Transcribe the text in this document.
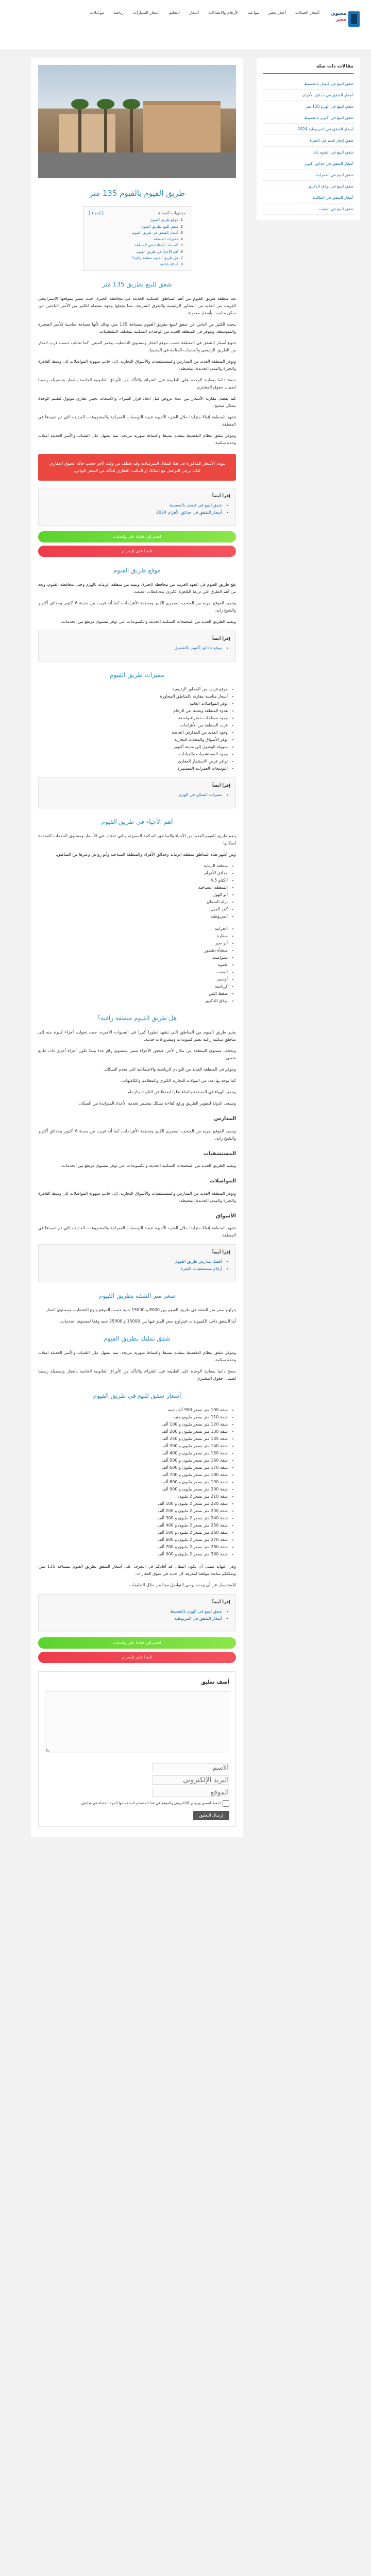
محتوى
مصر
أسعار العملات
أخبار مصر
مواعيد
الأرقام والاتصالات
أسعار
التعليم
أسعار السيارات
رياضة
موبايلات
مقالات ذات صلة
شقق للبيع في فيصل بالتقسيط
أسعار الشقق في حدائق الأهرام
شقق للبيع في الهرم 120 متر
شقق للبيع في أكتوبر بالتقسيط
أسعار الشقق في المريوطية 2024
شقق إيجار قديم في الجيزة
شقق للبيع في الشيخ زايد
أسعار الشقق في حدائق أكتوبر
شقق للبيع في العمرانية
شقق للبيع في بولاق الدكرور
أسعار الشقق في الطالبية
شقق للبيع في المنيب
طريق الفيوم بالفيوم 135 متر
محتويات المقالة
[ إخفاء ]
1. موقع طريق الفيوم
2. شقق للبيع بطريق الفيوم
3. أسعار الشقق في طريق الفيوم
4. مميزات المنطقة
5. الخدمات المتاحة في المنطقة
6. أهم الأحياء في طريق الفيوم
7. هل طريق الفيوم منطقة راقية؟
8. أسئلة شائعة
شقق للبيع بطريق 135 متر

تعد منطقة طريق الفيوم من أهم المناطق السكنية الحديثة في محافظة الجيزة، حيث تتميز بموقعها الاستراتيجي القريب من العديد من المحاور الرئيسية والطرق السريعة، مما يجعلها وجهة مفضلة للكثير من الأسر الباحثين عن سكن مناسب بأسعار معقولة.

يبحث الكثير من الناس عن شقق للبيع بطريق الفيوم بمساحة 135 متر، وذلك لأنها مساحة مناسبة للأسر الصغيرة والمتوسطة، وتتوفر في المنطقة العديد من الوحدات السكنية بمختلف التشطيبات.

تتنوع أسعار الشقق في المنطقة حسب موقع العقار ومستوى التشطيب وعمر المبنى، كما تختلف حسب قرب العقار من الطريق الرئيسي والخدمات المتاحة في المحيط.

وتوفر المنطقة العديد من المدارس والمستشفيات والأسواق التجارية، إلى جانب سهولة المواصلات إلى وسط القاهرة والجيزة والمدن الجديدة المحيطة.

ننصح دائما بمعاينة الوحدة على الطبيعة قبل الشراء، والتأكد من الأوراق القانونية الخاصة بالعقار وتسجيله رسميا لضمان حقوق المشتري.

كما يفضل مقارنة الأسعار بين عدة عروض قبل اتخاذ قرار الشراء، والاستعانة بخبير عقاري موثوق لتقييم الوحدة بشكل صحيح.

تشهد المنطقة إقبالا متزايدا خلال الفترة الأخيرة نتيجة التوسعات العمرانية والمشروعات الجديدة التي تم تنفيذها في المنطقة.

وتتوفر شقق بنظام التقسيط بمقدم بسيط وأقساط شهرية مريحة، مما يسهل على الشباب والأسر الحديثة امتلاك وحدة سكنية.

تنويه: الأسعار المذكورة في هذا المقال استرشادية وقد تختلف من وقت لآخر حسب حالة السوق العقاري، لذلك يرجى التواصل مع المالك أو المكتب العقاري للتأكد من السعر النهائي.
إقرأ أيضاً
• شقق للبيع في فيصل بالتقسيط
• أسعار الشقق في حدائق الأهرام 2024
انضم إلى قناتنا على واتساب
تابعنا على تليجرام
موقع طريق الفيوم

يقع طريق الفيوم في الجهة الغربية من محافظة الجيزة، ويمتد من منطقة الرماية بالهرم وحتى محافظة الفيوم، ويعد من أهم الطرق التي تربط القاهرة الكبرى بمحافظات الصعيد.

ويتميز الموقع بقربه من المتحف المصري الكبير ومنطقة الأهرامات، كما أنه قريب من مدينة 6 أكتوبر وحدائق أكتوبر والشيخ زايد.

ويضم الطريق العديد من المجمعات السكنية الحديثة والكمبوندات التي توفر مستوى مرتفع من الخدمات.

إقرأ أيضاً
• موقع حدائق أكتوبر بالتفصيل
مميزات طريق الفيوم
• موقع قريب من المحاور الرئيسية
• أسعار مناسبة مقارنة بالمناطق المجاورة
• توفر المواصلات العامة
• هدوء المنطقة وبعدها عن الزحام
• وجود مساحات خضراء واسعة
• قرب المنطقة من الأهرامات
• وجود العديد من المدارس الخاصة
• توفر الأسواق والمحلات التجارية
• سهولة الوصول إلى مدينة أكتوبر
• وجود المستشفيات والعيادات
• توافر فرص الاستثمار العقاري
• التوسعات العمرانية المستمرة
إقرأ أيضاً
• مميزات السكن في الهرم
أهم الأحياء في طريق الفيوم

يضم طريق الفيوم العديد من الأحياء والمناطق السكنية المميزة، والتي تختلف في الأسعار ومستوى الخدمات المقدمة لسكانها.

ومن أشهر هذه المناطق منطقة الرماية وحدائق الأهرام والمنطقة السياحية وأبو رواش وغيرها من المناطق.

• منطقة الرماية
• حدائق الأهرام
• الكيلو 4.5
• المنطقة السياحية
• أبو الهول
• نزلة السمان
• كفر الجبل
• المريوطية
• الحرانية
• سقارة
• أبو صير
• منشأة دهشور
• شبرامنت
• طموه
• المنيب
• أوسيم
• كرداسة
• صفط اللبن
• بولاق الدكرور
هل طريق الفيوم منطقة راقية؟

يعتبر طريق الفيوم من المناطق التي تشهد تطورا كبيرا في السنوات الأخيرة، حيث تحولت أجزاء كبيرة منه إلى مناطق سكنية راقية تضم كمبوندات ومشروعات حديثة.

ويختلف مستوى المنطقة من مكان لآخر، فبعض الأجزاء تتميز بمستوى راق جدا بينما تكون أجزاء أخرى ذات طابع شعبي.

وتتوفر في المنطقة العديد من النوادي الرياضية والاجتماعية التي تخدم السكان.

كما يوجد بها عدد من المولات التجارية الكبرى والمطاعم والكافيهات.

ويتميز الهواء في المنطقة بالنقاء نظرا لبعدها عن التلوث والزحام.

وتسعى الدولة لتطوير الطريق ورفع كفاءته بشكل مستمر لخدمة الأعداد المتزايدة من السكان.

المدارس

ويتميز الموقع بقربه من المتحف المصري الكبير ومنطقة الأهرامات، كما أنه قريب من مدينة 6 أكتوبر وحدائق أكتوبر والشيخ زايد.

المستشفيات

ويضم الطريق العديد من المجمعات السكنية الحديثة والكمبوندات التي توفر مستوى مرتفع من الخدمات.

المواصلات

وتوفر المنطقة العديد من المدارس والمستشفيات والأسواق التجارية، إلى جانب سهولة المواصلات إلى وسط القاهرة والجيزة والمدن الجديدة المحيطة.

الأسواق

تشهد المنطقة إقبالا متزايدا خلال الفترة الأخيرة نتيجة التوسعات العمرانية والمشروعات الجديدة التي تم تنفيذها في المنطقة.

إقرأ أيضاً
• أفضل مدارس طريق الفيوم
• أرقام مستشفيات الجيزة
سعر متر الشقة بطريق الفيوم

يتراوح سعر متر الشقة في طريق الفيوم بين 8000 و 15000 جنيه حسب الموقع ونوع التشطيب ومستوى العقار.

أما الشقق داخل الكمبوندات فيتراوح سعر المتر فيها بين 15000 و 25000 جنيه وفقا لمستوى الخدمات.

شقق تمليك بطريق الفيوم

وتتوفر شقق بنظام التقسيط بمقدم بسيط وأقساط شهرية مريحة، مما يسهل على الشباب والأسر الحديثة امتلاك وحدة سكنية.

ننصح دائما بمعاينة الوحدة على الطبيعة قبل الشراء، والتأكد من الأوراق القانونية الخاصة بالعقار وتسجيله رسميا لضمان حقوق المشتري.

أسعار شقق للبيع في طريق الفيوم
• شقة 100 متر بسعر 950 ألف جنيه
• شقة 110 متر بسعر مليون جنيه
• شقة 120 متر بسعر مليون و 100 ألف
• شقة 130 متر بسعر مليون و 200 ألف
• شقة 135 متر بسعر مليون و 250 ألف
• شقة 140 متر بسعر مليون و 300 ألف
• شقة 150 متر بسعر مليون و 400 ألف
• شقة 160 متر بسعر مليون و 500 ألف
• شقة 170 متر بسعر مليون و 600 ألف
• شقة 180 متر بسعر مليون و 700 ألف
• شقة 190 متر بسعر مليون و 800 ألف
• شقة 200 متر بسعر مليون و 900 ألف
• شقة 210 متر بسعر 2 مليون
• شقة 220 متر بسعر 2 مليون و 100 ألف
• شقة 230 متر بسعر 2 مليون و 200 ألف
• شقة 240 متر بسعر 2 مليون و 300 ألف
• شقة 250 متر بسعر 2 مليون و 400 ألف
• شقة 260 متر بسعر 2 مليون و 500 ألف
• شقة 270 متر بسعر 2 مليون و 600 ألف
• شقة 280 متر بسعر 2 مليون و 700 ألف
• شقة 300 متر بسعر 2 مليون و 900 ألف

وفي النهاية نتمنى أن يكون المقال قد أفادكم في التعرف على أسعار الشقق بطريق الفيوم بمساحة 135 متر، ويمكنكم متابعة موقعنا لمعرفة كل جديد في سوق العقارات.

للاستفسار عن أي وحدة يرجى التواصل معنا من خلال التعليقات.

إقرأ أيضاً
• شقق للبيع في الهرم بالتقسيط
• أسعار الشقق في المريوطية
انضم إلى قناتنا على واتساب
تابعنا على تليجرام
أضف تعليق
الاسم
البريد الإلكتروني
الموقع
احفظ اسمي وبريدي الإلكتروني والموقع في هذا المتصفح لاستخدامها المرة المقبلة في تعليقي.
إرسال التعليق
